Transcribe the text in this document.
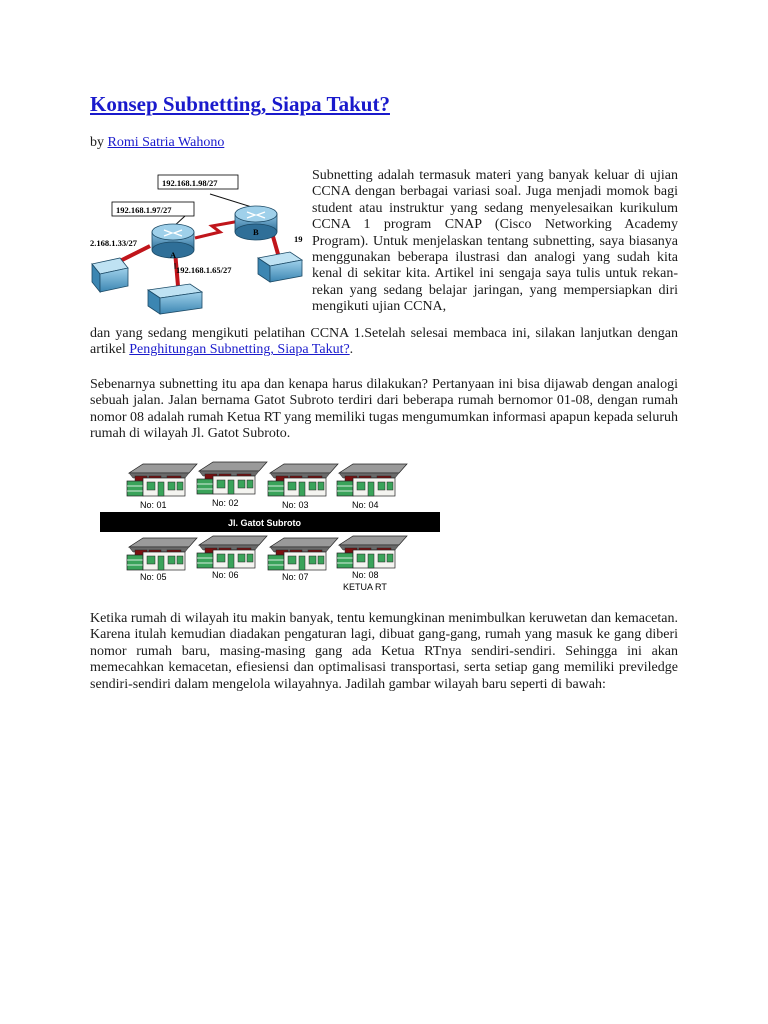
Konsep Subnetting, Siapa Takut?
by Romi Satria Wahono
A
B
192.168.1.98/27
192.168.1.97/27
2.168.1.33/27
192.168.1.65/27
19

Subnetting adalah termasuk materi yang banyak keluar di ujian CCNA dengan berbagai variasi soal. Juga menjadi momok bagi student atau instruktur yang sedang menyelesaikan kurikulum CCNA 1 program CNAP (Cisco Networking Academy Program). Untuk menjelaskan tentang subnetting, saya biasanya menggunakan beberapa ilustrasi dan analogi yang sudah kita kenal di sekitar kita. Artikel ini sengaja saya tulis untuk rekan-rekan yang sedang belajar jaringan, yang mempersiapkan diri mengikuti ujian CCNA,

dan yang sedang mengikuti pelatihan CCNA 1.Setelah selesai membaca ini, silakan lanjutkan dengan artikel Penghitungan Subnetting, Siapa Takut?.

Sebenarnya subnetting itu apa dan kenapa harus dilakukan? Pertanyaan ini bisa dijawab dengan analogi sebuah jalan. Jalan bernama Gatot Subroto terdiri dari beberapa rumah bernomor 01-08, dengan rumah nomor 08 adalah rumah Ketua RT yang memiliki tugas mengumumkan informasi apapun kepada seluruh rumah di wilayah Jl. Gatot Subroto.

No: 01	No: 02	No: 03	No: 04
Jl. Gatot Subroto
No: 05	No: 06	No: 07	No: 08
KETUA RT

Ketika rumah di wilayah itu makin banyak, tentu kemungkinan menimbulkan keruwetan dan kemacetan. Karena itulah kemudian diadakan pengaturan lagi, dibuat gang-gang, rumah yang masuk ke gang diberi nomor rumah baru, masing-masing gang ada Ketua RTnya sendiri-sendiri. Sehingga ini akan memecahkan kemacetan, efiesiensi dan optimalisasi transportasi, serta setiap gang memiliki previledge sendiri-sendiri dalam mengelola wilayahnya. Jadilah gambar wilayah baru seperti di bawah:
